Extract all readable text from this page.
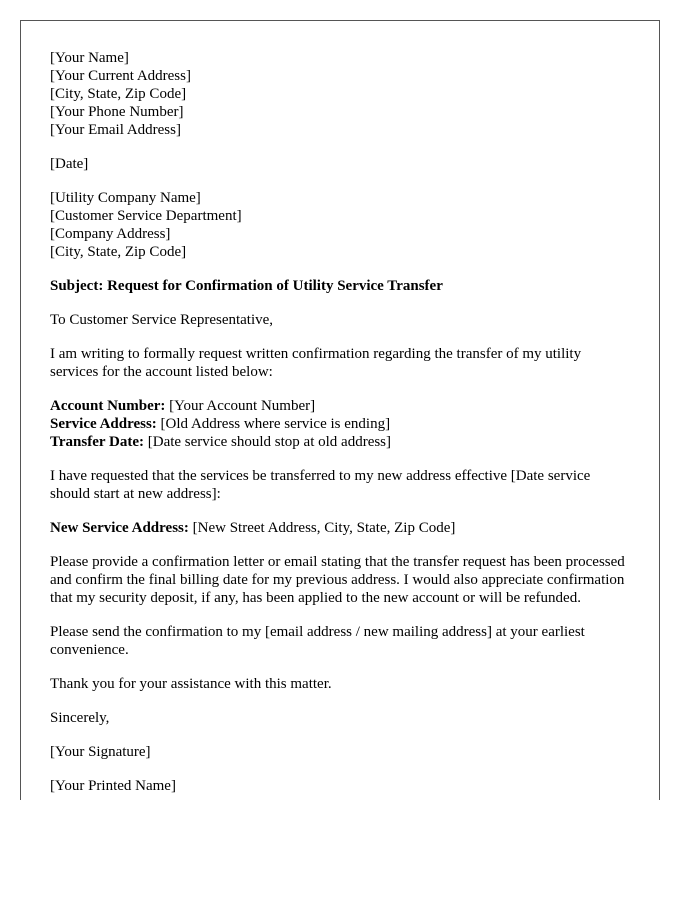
[Your Name]
[Your Current Address]
[City, State, Zip Code]
[Your Phone Number]
[Your Email Address]

[Date]

[Utility Company Name]
[Customer Service Department]
[Company Address]
[City, State, Zip Code]

Subject: Request for Confirmation of Utility Service Transfer

To Customer Service Representative,

I am writing to formally request written confirmation regarding the transfer of my utility services for the account listed below:

Account Number: [Your Account Number]
Service Address: [Old Address where service is ending]
Transfer Date: [Date service should stop at old address]

I have requested that the services be transferred to my new address effective [Date service should start at new address]:

New Service Address: [New Street Address, City, State, Zip Code]

Please provide a confirmation letter or email stating that the transfer request has been processed and confirm the final billing date for my previous address. I would also appreciate confirmation that my security deposit, if any, has been applied to the new account or will be refunded.

Please send the confirmation to my [email address / new mailing address] at your earliest convenience.

Thank you for your assistance with this matter.

Sincerely,

[Your Signature]

[Your Printed Name]
